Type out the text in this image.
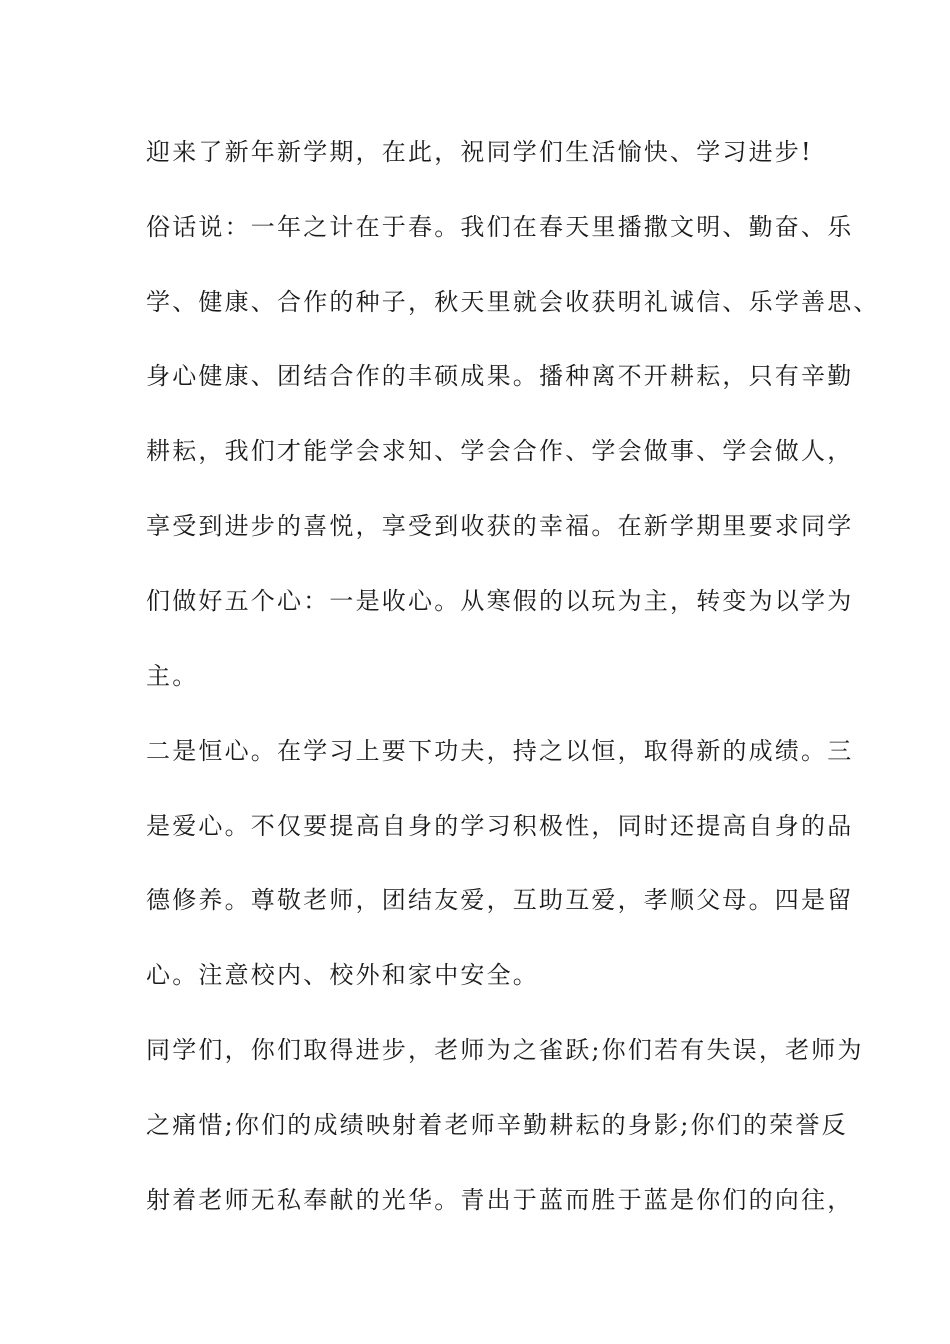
迎来了新年新学期，在此，祝同学们生活愉快、学习进步!
俗话说：一年之计在于春。我们在春天里播撒文明、勤奋、乐
学、健康、合作的种子，秋天里就会收获明礼诚信、乐学善思、
身心健康、团结合作的丰硕成果。播种离不开耕耘，只有辛勤
耕耘，我们才能学会求知、学会合作、学会做事、学会做人，
享受到进步的喜悦，享受到收获的幸福。在新学期里要求同学
们做好五个心：一是收心。从寒假的以玩为主，转变为以学为
主。
二是恒心。在学习上要下功夫，持之以恒，取得新的成绩。三
是爱心。不仅要提高自身的学习积极性，同时还提高自身的品
德修养。尊敬老师，团结友爱，互助互爱，孝顺父母。四是留
心。注意校内、校外和家中安全。
同学们，你们取得进步，老师为之雀跃;你们若有失误，老师为
之痛惜;你们的成绩映射着老师辛勤耕耘的身影;你们的荣誉反
射着老师无私奉献的光华。青出于蓝而胜于蓝是你们的向往，
